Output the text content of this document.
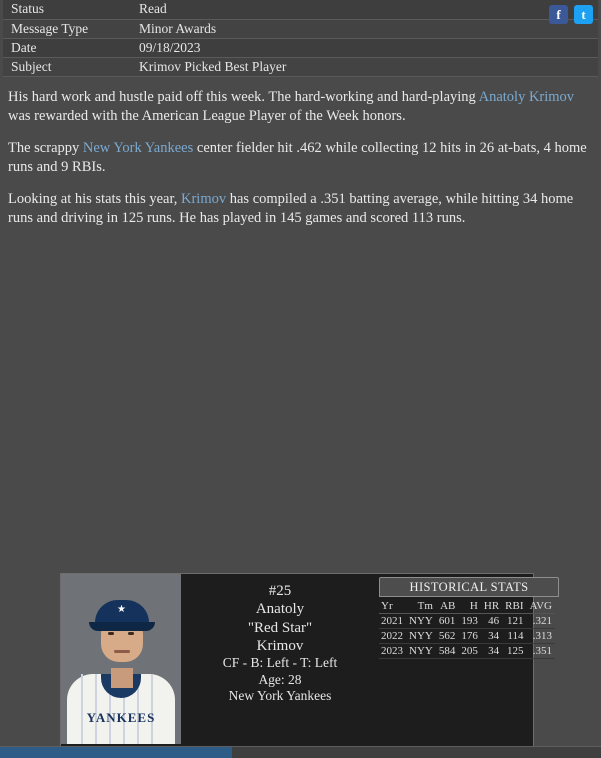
Status	Read
Message Type	Minor Awards
Date	09/18/2023
Subject	Krimov Picked Best Player
f	t

His hard work and hustle paid off this week. The hard-working and hard-playing Anatoly Krimov was rewarded with the American League Player of the Week honors.

The scrappy New York Yankees center fielder hit .462 while collecting 12 hits in 26 at-bats, 4 home runs and 9 RBIs.

Looking at his stats this year, Krimov has compiled a .351 batting average, while hitting 34 home runs and driving in 125 runs. He has played in 145 games and scored 113 runs.

★
YANKEES
#25
Anatoly
"Red Star"
Krimov
CF - B: Left - T: Left
Age: 28
New York Yankees
HISTORICAL STATS
Yr	Tm	AB	H	HR	RBI	AVG
2021	NYY	601	193	46	121	.321
2022	NYY	562	176	34	114	.313
2023	NYY	584	205	34	125	.351
